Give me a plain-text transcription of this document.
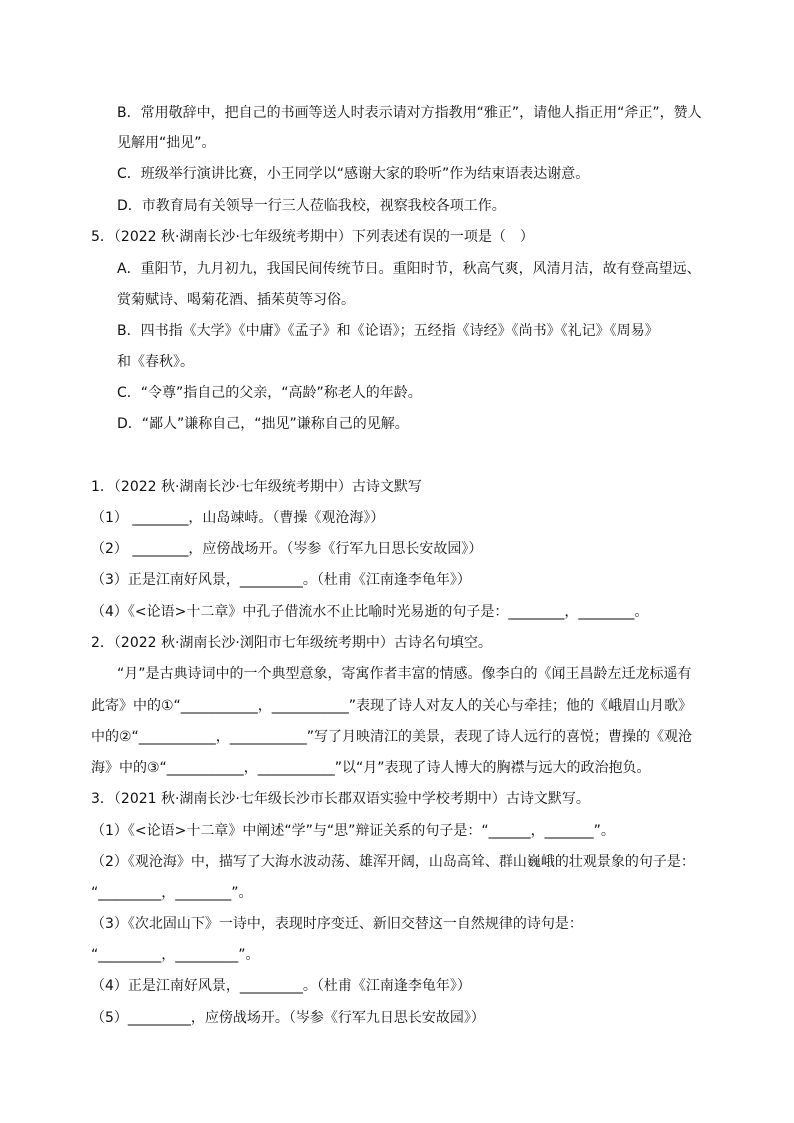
B．常用敬辞中，把自己的书画等送人时表示请对方指教用“雅正”，请他人指正用“斧正”，赞人
见解用“拙见”。
C．班级举行演讲比赛，小王同学以“感谢大家的聆听”作为结束语表达谢意。
D．市教育局有关领导一行三人莅临我校，视察我校各项工作。
5．（2022 秋·湖南长沙·七年级统考期中）下列表述有误的一项是（　）
A．重阳节，九月初九，我国民间传统节日。重阳时节，秋高气爽，风清月洁，故有登高望远、
赏菊赋诗、喝菊花酒、插茱萸等习俗。
B．四书指《大学》《中庸》《孟子》和《论语》；五经指《诗经》《尚书》《礼记》《周易》
和《春秋》。
C．“令尊”指自己的父亲，“高龄”称老人的年龄。
D．“鄙人”谦称自己，“拙见”谦称自己的见解。
1．（2022 秋·湖南长沙·七年级统考期中）古诗文默写
（1） ________，山岛竦峙。（曹操《观沧海》）
（2） ________，应傍战场开。（岑参《行军九日思长安故园》）
（3）正是江南好风景，_________。（杜甫《江南逢李龟年》）
（4）《<论语>十二章》中孔子借流水不止比喻时光易逝的句子是：________，________。
2．（2022 秋·湖南长沙·浏阳市七年级统考期中）古诗名句填空。
“月”是古典诗词中的一个典型意象，寄寓作者丰富的情感。像李白的《闻王昌龄左迁龙标遥有
此寄》中的①“___________，___________”表现了诗人对友人的关心与牵挂；他的《峨眉山月歌》
中的②“___________，___________”写了月映清江的美景，表现了诗人远行的喜悦；曹操的《观沧
海》中的③“___________，___________”以“月”表现了诗人博大的胸襟与远大的政治抱负。
3．（2021 秋·湖南长沙·七年级长沙市长郡双语实验中学校考期中）古诗文默写。
（1）《<论语>十二章》中阐述“学”与“思”辩证关系的句子是：“______，_______”。
（2）《观沧海》中，描写了大海水波动荡、雄浑开阔，山岛高耸、群山巍峨的壮观景象的句子是：
“_________，________”。
（3）《次北固山下》一诗中，表现时序变迁、新旧交替这一自然规律的诗句是：
“_________，_________”。
（4）正是江南好风景，_________。（杜甫《江南逢李龟年》）
（5）_________，应傍战场开。（岑参《行军九日思长安故园》）
